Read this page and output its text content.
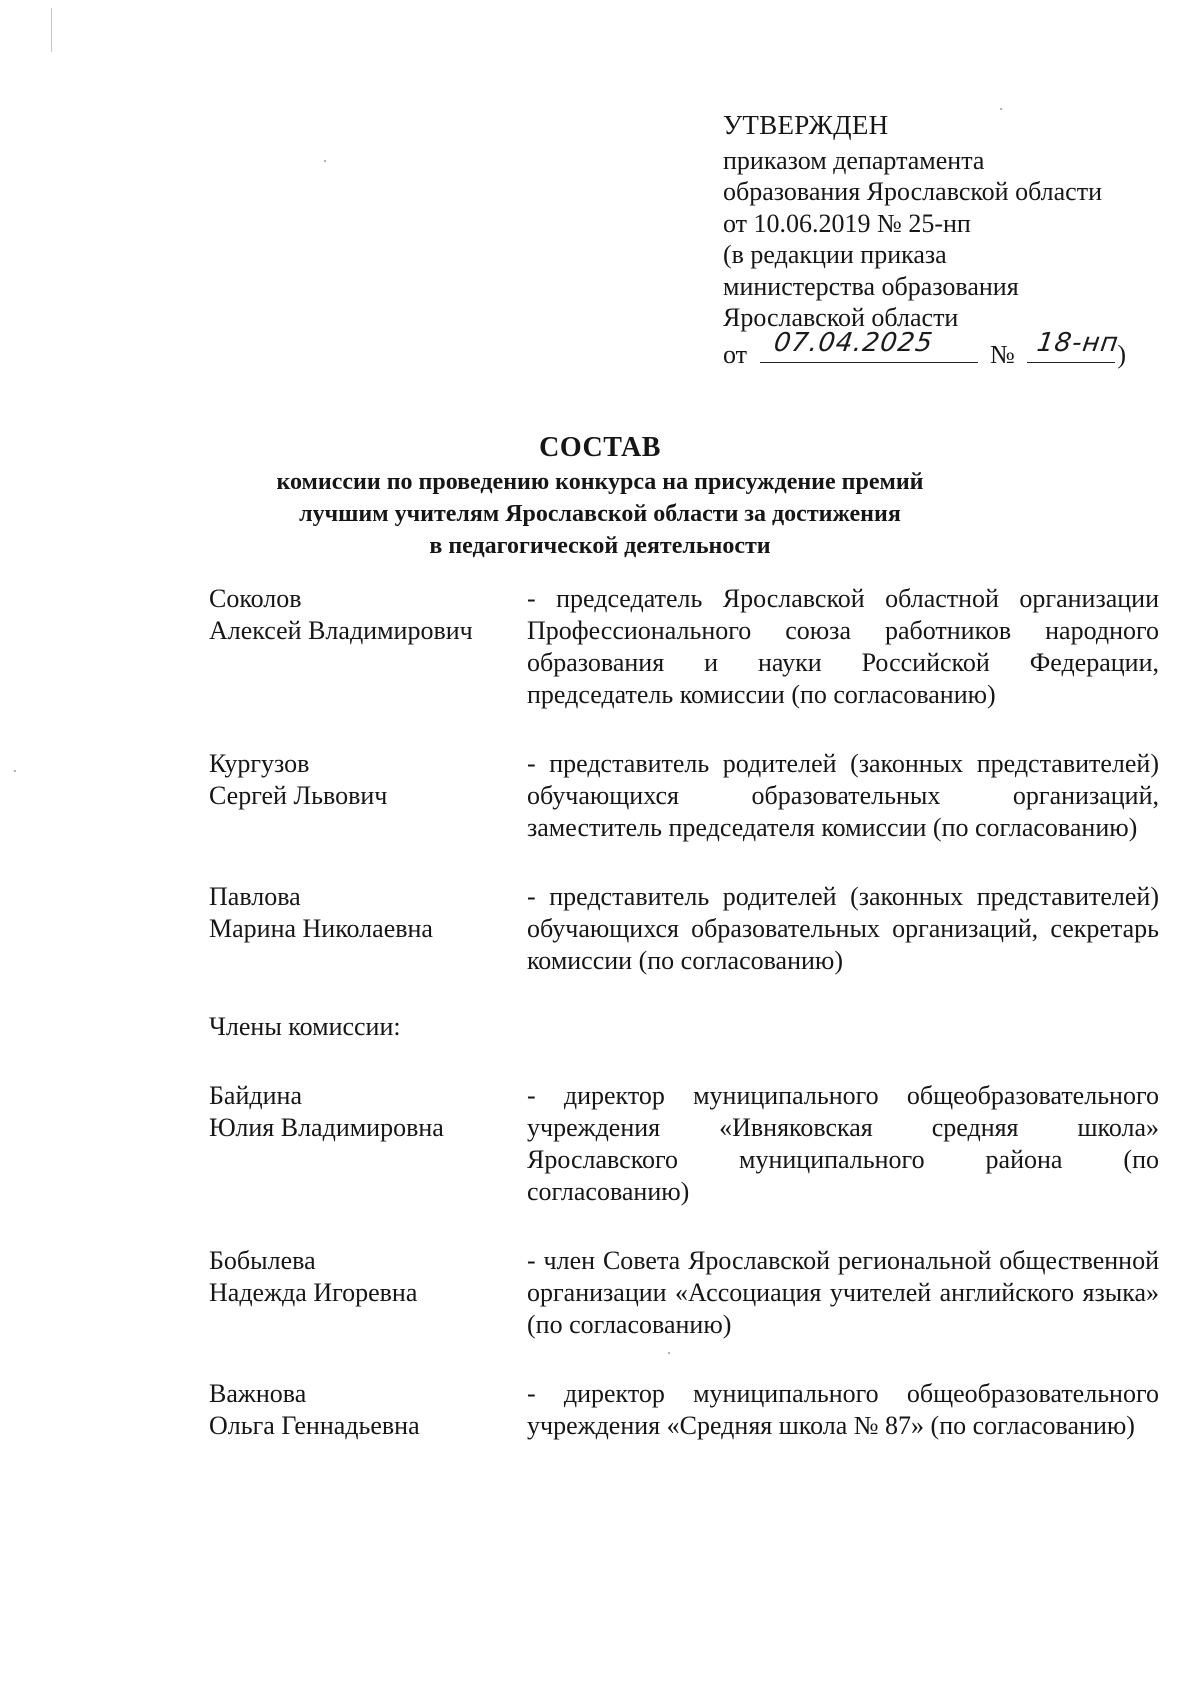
УТВЕРЖДЕН
приказом департамента
образования Ярославской области
от 10.06.2019 № 25-нп
(в редакции приказа
министерства образования
Ярославской области
от 07.04.2025 № 18-нп
)
СОСТАВ
комиссии по проведению конкурса на присуждение премий
лучшим учителям Ярославской области за достижения
в педагогической деятельности
Соколов
Алексей Владимирович
- председатель Ярославской областной организации Профессионального союза работников народного образования и науки Российской Федерации, председатель комиссии (по согласованию)
Кургузов
Сергей Львович
- представитель родителей (законных представителей) обучающихся образовательных организаций, заместитель председателя комиссии (по согласованию)
Павлова
Марина Николаевна
- представитель родителей (законных представителей) обучающихся образовательных организаций, секретарь комиссии (по согласованию)
Члены комиссии:
Байдина
Юлия Владимировна
- директор муниципального общеобразовательного учреждения «Ивняковская средняя школа» Ярославского муниципального района (по согласованию)
Бобылева
Надежда Игоревна
- член Совета Ярославской региональной общественной организации «Ассоциация учителей английского языка» (по согласованию)
Важнова
Ольга Геннадьевна
- директор муниципального общеобразовательного учреждения «Средняя школа № 87» (по согласованию)
